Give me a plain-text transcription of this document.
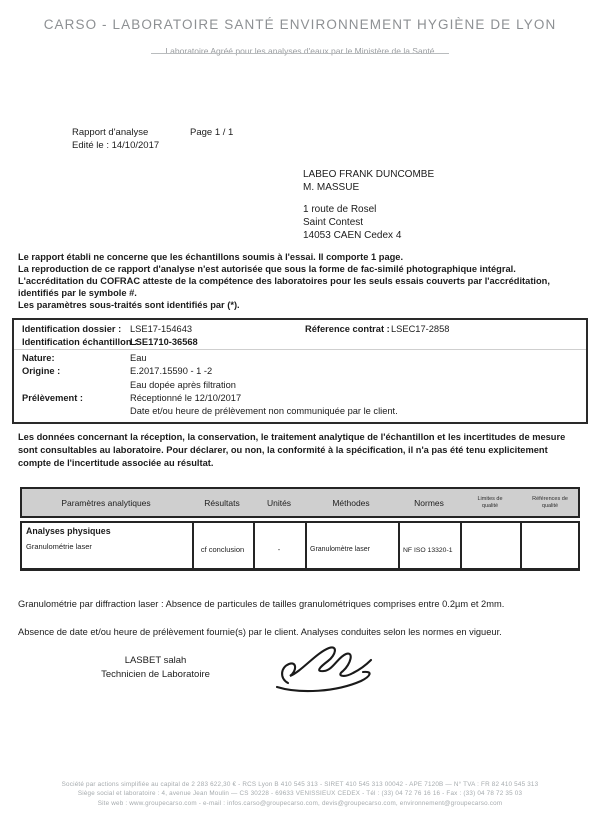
CARSO - LABORATOIRE SANTÉ ENVIRONNEMENT HYGIÈNE DE LYON
Laboratoire Agréé pour les analyses d'eaux par le Ministère de la Santé
Rapport d'analyse	Page 1 / 1
Edité le : 14/10/2017
LABEO FRANK DUNCOMBE
M. MASSUE
1 route de Rosel
Saint Contest
14053 CAEN Cedex 4
Le rapport établi ne concerne que les échantillons soumis à l'essai. Il comporte 1 page.
La reproduction de ce rapport d'analyse n'est autorisée que sous la forme de fac-similé photographique intégral.
L'accréditation du COFRAC atteste de la compétence des laboratoires pour les seuls essais couverts par l'accréditation,
identifiés par le symbole #.
Les paramètres sous-traités sont identifiés par (*).
Identification dossier : LSE17-154643	Réference contrat : LSEC17-2858
Identification échantillon :
LSE1710-36568
Nature:	Eau
Origine :	E.2017.15590 - 1 -2
Eau dopée après filtration
Prélèvement :	Réceptionné le 12/10/2017
Date et/ou heure de prélèvement non communiquée par le client.
Les données concernant la réception, la conservation, le traitement analytique de l'échantillon et les incertitudes de mesure
sont consultables au laboratoire. Pour déclarer, ou non, la conformité à la spécification, il n'a pas été tenu explicitement
compte de l'incertitude associée au résultat.
Paramètres analytiques	Résultats	Unités	Méthodes	Normes	Limites de qualité
Références de qualité
Analyses physiques
Granulométrie laser	cf conclusion	-	Granulomètre laser	NF ISO 13320-1
Granulométrie par diffraction laser : Absence de particules de tailles granulométriques comprises entre 0.2µm et 2mm.
Absence de date et/ou heure de prélèvement fournie(s) par le client. Analyses conduites selon les normes en vigueur.
LASBET salah
Technicien de Laboratoire
Société par actions simplifiée au capital de 2 283 622,30 € - RCS Lyon B 410 545 313 - SIRET 410 545 313 00042 - APE 7120B — N° TVA : FR 82 410 545 313
Siège social et laboratoire : 4, avenue Jean Moulin — CS 30228 - 69633 VENISSIEUX CEDEX - Tél : (33) 04 72 76 16 16 - Fax : (33) 04 78 72 35 03
Site web : www.groupecarso.com - e-mail : infos.carso@groupecarso.com, devis@groupecarso.com, environnement@groupecarso.com
